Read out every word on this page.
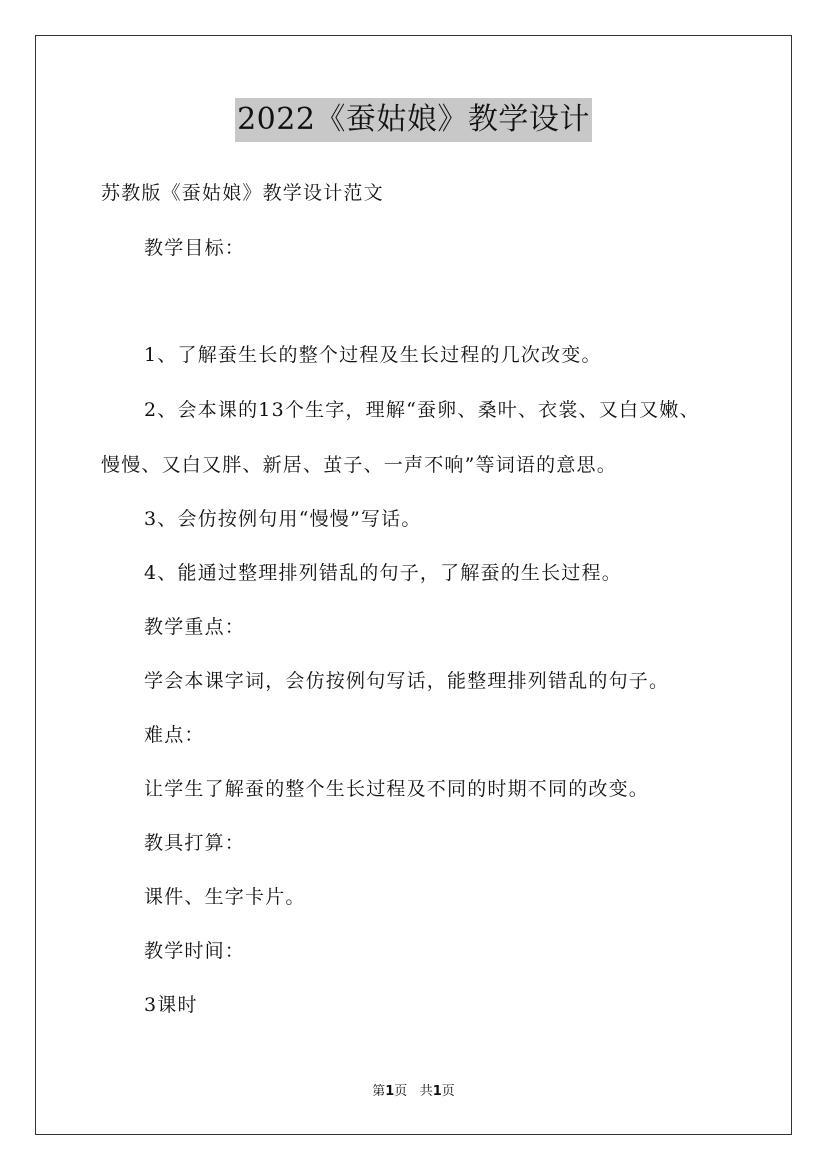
2022《蚕姑娘》教学设计
苏教版《蚕姑娘》教学设计范文
教学目标：
1、了解蚕生长的整个过程及生长过程的几次改变。
2、会本课的13个生字，理解“蚕卵、桑叶、衣裳、又白又嫩、
慢慢、又白又胖、新居、茧子、一声不响”等词语的意思。
3、会仿按例句用“慢慢”写话。
4、能通过整理排列错乱的句子，了解蚕的生长过程。
教学重点：
学会本课字词，会仿按例句写话，能整理排列错乱的句子。
难点：
让学生了解蚕的整个生长过程及不同的时期不同的改变。
教具打算：
课件、生字卡片。
教学时间：
3课时
第1页 共1页
